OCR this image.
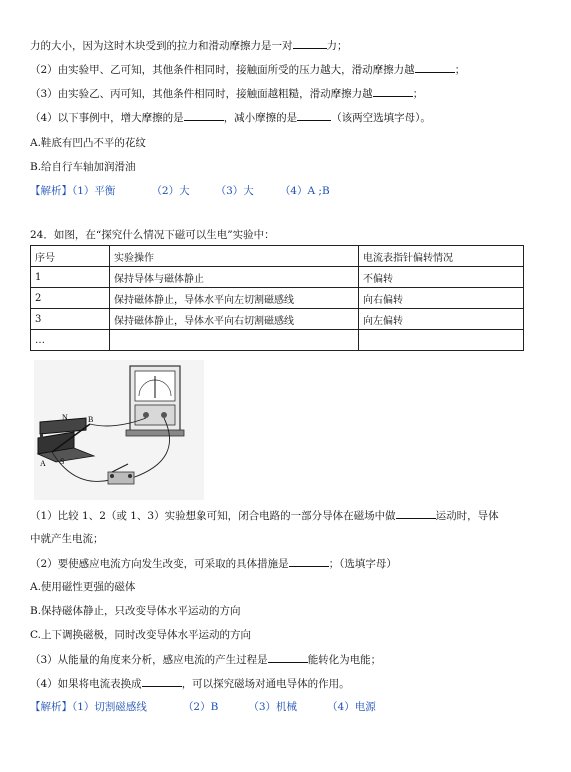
力的大小，因为这时木块受到的拉力和滑动摩擦力是一对	力；
（2）由实验甲、乙可知，其他条件相同时，接触面所受的压力越大，滑动摩擦力越	；
（3）由实验乙、丙可知，其他条件相同时，接触面越粗糙，滑动摩擦力越	；
（4）以下事例中，增大摩擦的是	，减小摩擦的是	（该两空选填字母）。
A.鞋底有凹凸不平的花纹
B.给自行车轴加润滑油
【解析】（1）平衡	（2）大 （3）大 （4）A ;B
24．如图，在“探究什么情况下磁可以生电”实验中：
序号	实验操作	电流表指针偏转情况
1	保持导体与磁体静止	不偏转
2	保持磁体静止，导体水平向左切割磁感线	向右偏转
3	保持磁体静止，导体水平向右切割磁感线	向左偏转
…		
N	B
A S
（1）比较 1、2（或 1、3）实验想象可知，闭合电路的一部分导体在磁场中做	运动时，导体
中就产生电流；
（2）要使感应电流方向发生改变，可采取的具体措施是	；（选填字母）
A.使用磁性更强的磁体
B.保持磁体静止，只改变导体水平运动的方向
C.上下调换磁极，同时改变导体水平运动的方向
（3）从能量的角度来分析，感应电流的产生过程是	能转化为电能；
（4）如果将电流表换成	，可以探究磁场对通电导体的作用。
【解析】（1）切割磁感线	（2）B	（3）机械	（4）电源
